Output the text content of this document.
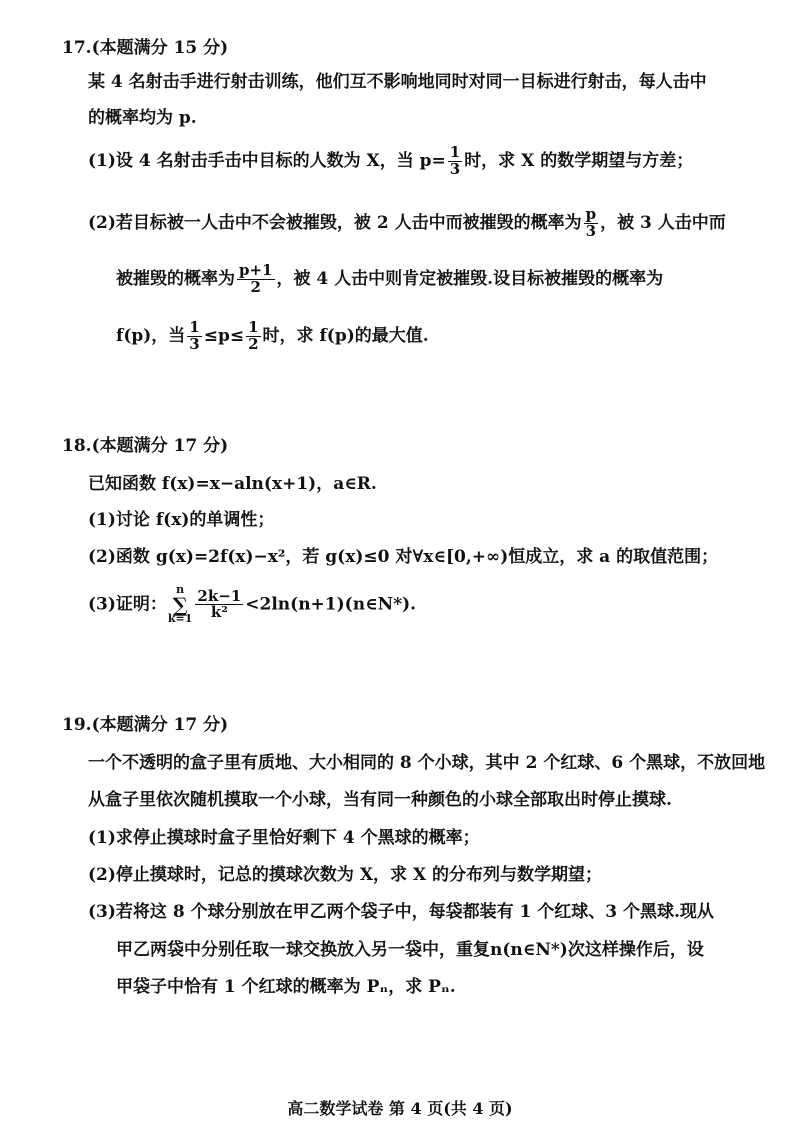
17.(本题满分 15 分)
某 4 名射击手进行射击训练，他们互不影响地同时对同一目标进行射击，每人击中
的概率均为 p.
(1)设 4 名射击手击中目标的人数为 X，当 $p= \frac{1}{3}$ 时，求 X 的数学期望与方差；
(2)若目标被一人击中不会被摧毁，被 2 人击中而被摧毁的概率为 $\frac{p}{3}$ ，被 3 人击中而
被摧毁的概率为 $\frac{p+1}{2}$ ，被 4 人击中则肯定被摧毁.设目标被摧毁的概率为
f(p)，当 $\frac{1}{3} \le p\le \frac{1}{2}$ 时，求 f(p)的最大值.
18.(本题满分 17 分)
已知函数 f(x)=x−aln(x+1)，a∈R.
(1)讨论 f(x)的单调性；
(2)函数 g(x)=2f(x)−x²，若 g(x)≤0 对∀x∈[0,+∞)恒成立，求 a 的取值范围；
(3)证明：n
∑
$k=1 \frac{2k-1}{\text{k²}}$ <2ln(n+1)(n∈N*).
19.(本题满分 17 分)
一个不透明的盒子里有质地、大小相同的 8 个小球，其中 2 个红球、6 个黑球，不放回地
从盒子里依次随机摸取一个小球，当有同一种颜色的小球全部取出时停止摸球.
(1)求停止摸球时盒子里恰好剩下 4 个黑球的概率；
(2)停止摸球时，记总的摸球次数为 X，求 X 的分布列与数学期望；
(3)若将这 8 个球分别放在甲乙两个袋子中，每袋都装有 1 个红球、3 个黑球.现从
甲乙两袋中分别任取一球交换放入另一袋中，重复n(n∈N*)次这样操作后，设
甲袋子中恰有 1 个红球的概率为 Pₙ，求 Pₙ.
高二数学试卷 第 4 页(共 4 页)
